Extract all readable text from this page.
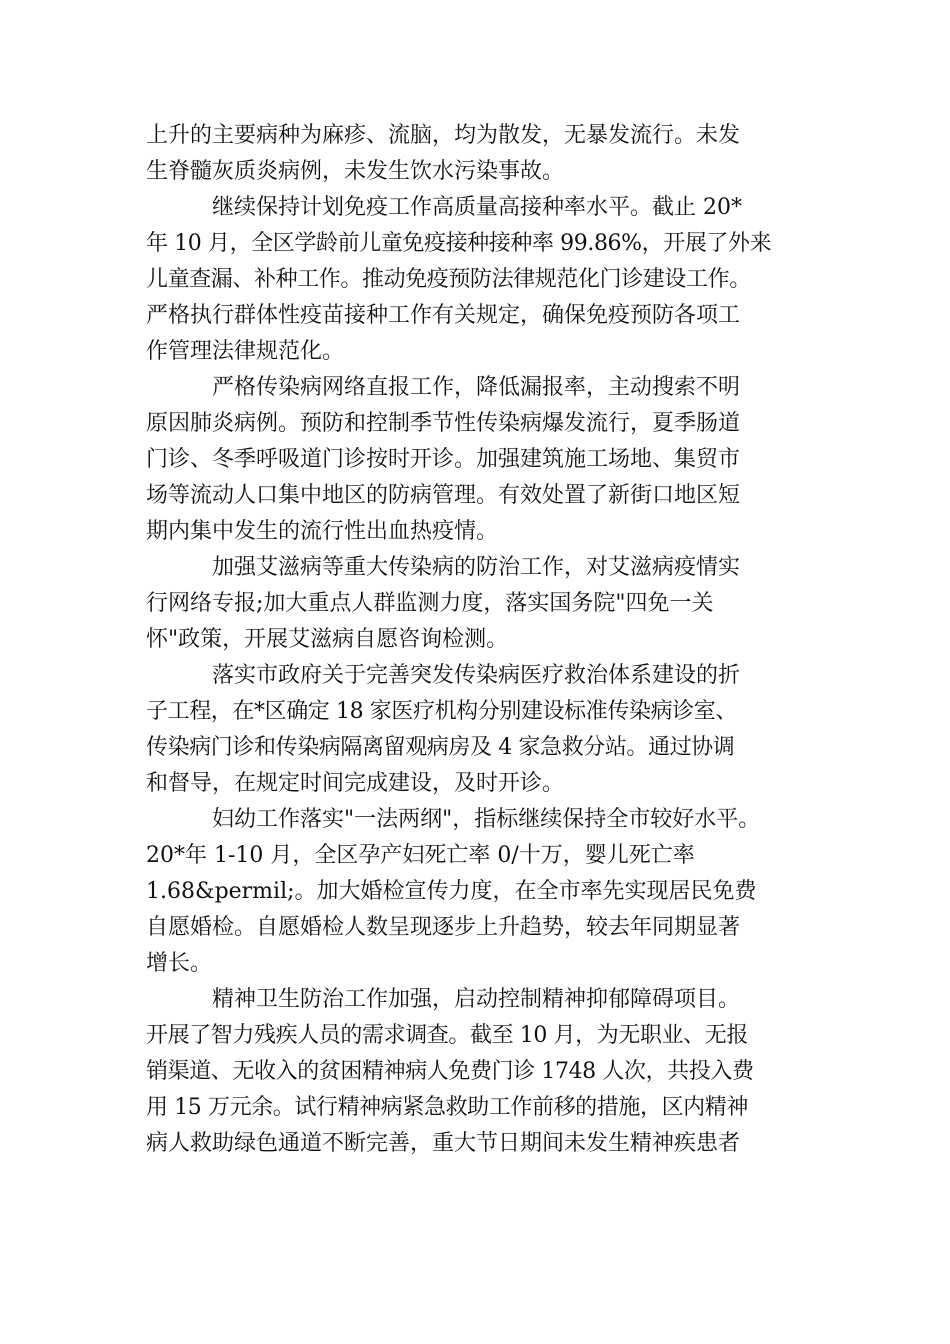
上升的主要病种为麻疹、流脑，均为散发，无暴发流行。未发
生脊髓灰质炎病例，未发生饮水污染事故。
继续保持计划免疫工作高质量高接种率水平。截止 20*
年 10 月，全区学龄前儿童免疫接种接种率 99.86%，开展了外来
儿童查漏、补种工作。推动免疫预防法律规范化门诊建设工作。
严格执行群体性疫苗接种工作有关规定，确保免疫预防各项工
作管理法律规范化。
严格传染病网络直报工作，降低漏报率，主动搜索不明
原因肺炎病例。预防和控制季节性传染病爆发流行，夏季肠道
门诊、冬季呼吸道门诊按时开诊。加强建筑施工场地、集贸市
场等流动人口集中地区的防病管理。有效处置了新街口地区短
期内集中发生的流行性出血热疫情。
加强艾滋病等重大传染病的防治工作，对艾滋病疫情实
行网络专报;加大重点人群监测力度，落实国务院"四免一关
怀"政策，开展艾滋病自愿咨询检测。
落实市政府关于完善突发传染病医疗救治体系建设的折
子工程，在*区确定 18 家医疗机构分别建设标准传染病诊室、
传染病门诊和传染病隔离留观病房及 4 家急救分站。通过协调
和督导，在规定时间完成建设，及时开诊。
妇幼工作落实"一法两纲"，指标继续保持全市较好水平。
20*年 1-10 月，全区孕产妇死亡率 0/十万，婴儿死亡率
1.68&permil;。加大婚检宣传力度，在全市率先实现居民免费
自愿婚检。自愿婚检人数呈现逐步上升趋势，较去年同期显著
增长。
精神卫生防治工作加强，启动控制精神抑郁障碍项目。
开展了智力残疾人员的需求调查。截至 10 月，为无职业、无报
销渠道、无收入的贫困精神病人免费门诊 1748 人次，共投入费
用 15 万元余。试行精神病紧急救助工作前移的措施，区内精神
病人救助绿色通道不断完善，重大节日期间未发生精神疾患者
